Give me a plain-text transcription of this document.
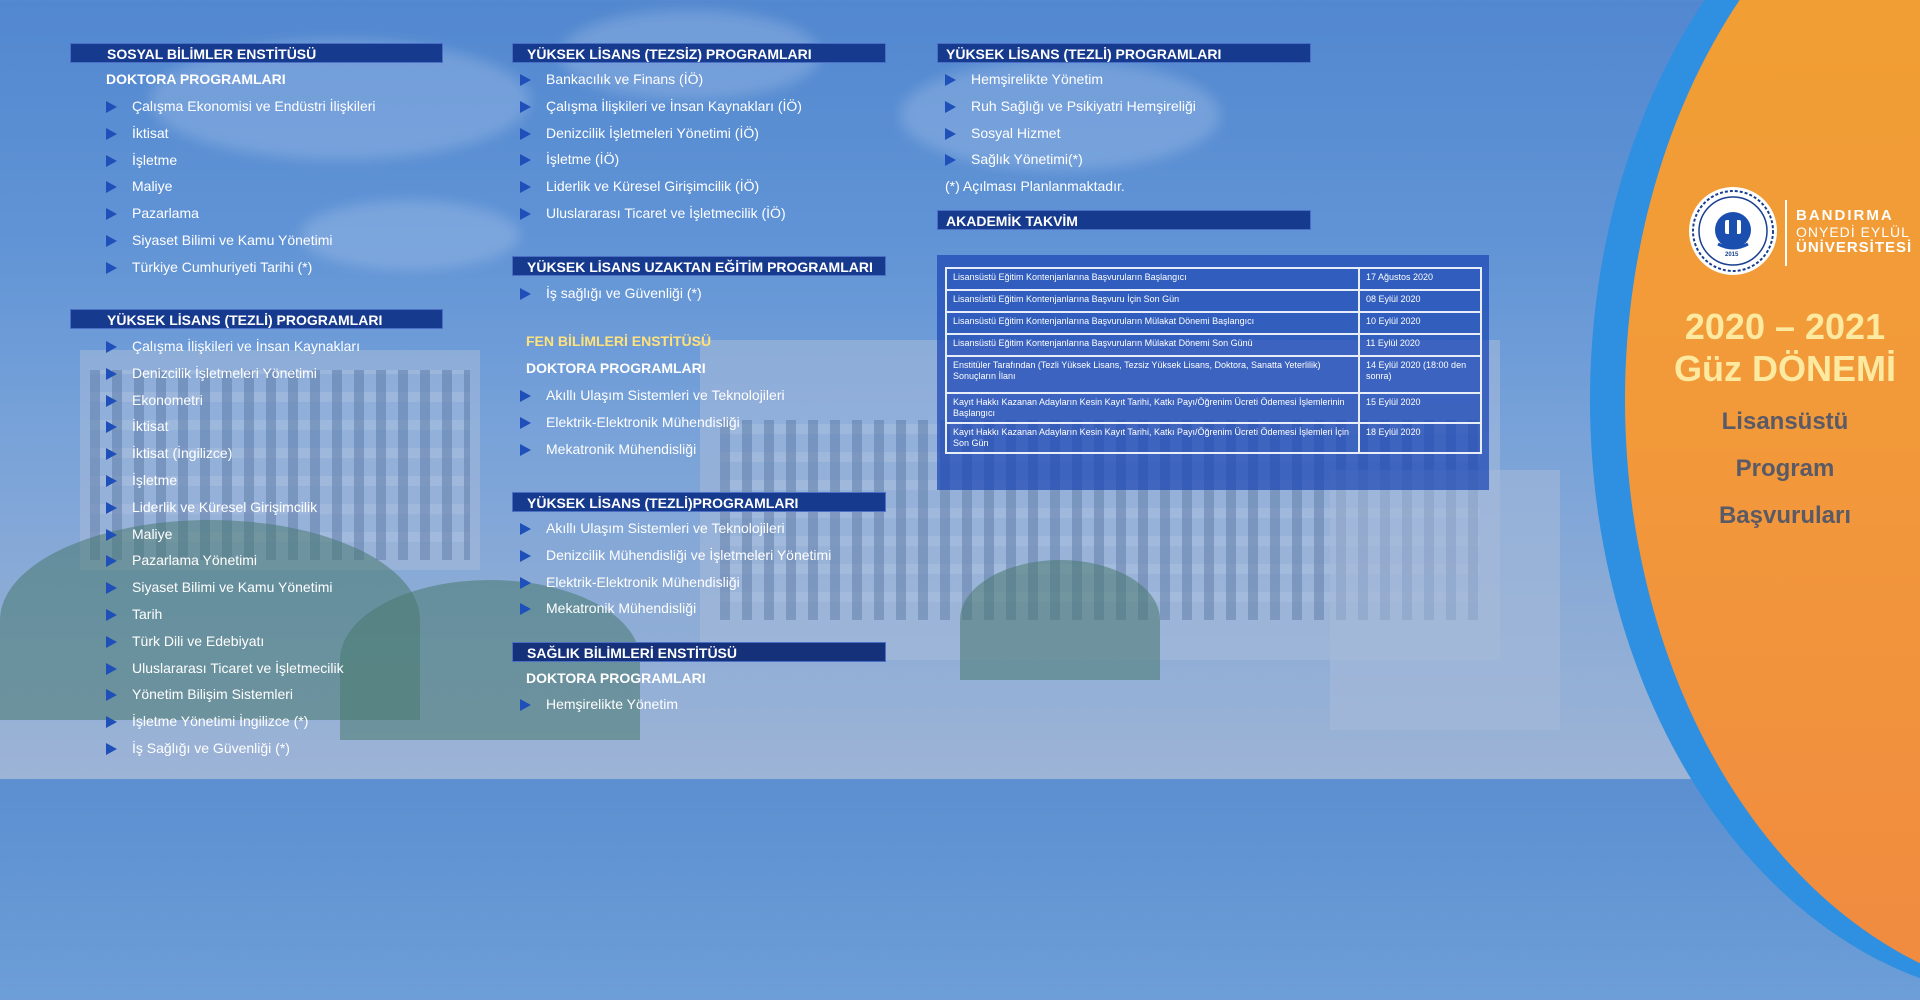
SOSYAL BİLİMLER ENSTİTÜSÜ
DOKTORA PROGRAMLARI
Çalışma Ekonomisi ve Endüstri İlişkileri
İktisat
İşletme
Maliye
Pazarlama
Siyaset Bilimi ve Kamu Yönetimi
Türkiye Cumhuriyeti Tarihi (*)
YÜKSEK LİSANS (TEZLİ) PROGRAMLARI
Çalışma İlişkileri ve İnsan Kaynakları
Denizcilik İşletmeleri Yönetimi
Ekonometri
İktisat
İktisat (İngilizce)
İşletme
Liderlik ve Küresel Girişimcilik
Maliye
Pazarlama Yönetimi
Siyaset Bilimi ve Kamu Yönetimi
Tarih
Türk Dili ve Edebiyatı
Uluslararası Ticaret ve İşletmecilik
Yönetim Bilişim Sistemleri
İşletme Yönetimi İngilizce (*)
İş Sağlığı ve Güvenliği (*)
YÜKSEK LİSANS (TEZSİZ) PROGRAMLARI
Bankacılık ve Finans (İÖ)
Çalışma İlişkileri ve İnsan Kaynakları (İÖ)
Denizcilik İşletmeleri Yönetimi (İÖ)
İşletme (İÖ)
Liderlik ve Küresel Girişimcilik (İÖ)
Uluslararası Ticaret ve İşletmecilik (İÖ)
YÜKSEK LİSANS UZAKTAN EĞİTİM PROGRAMLARI
İş sağlığı ve Güvenliği (*)
FEN BİLİMLERİ ENSTİTÜSÜ
DOKTORA PROGRAMLARI
Akıllı Ulaşım Sistemleri ve Teknolojileri
Elektrik-Elektronik Mühendisliği
Mekatronik Mühendisliği
YÜKSEK LİSANS (TEZLİ)PROGRAMLARI
Akıllı Ulaşım Sistemleri ve Teknolojileri
Denizcilik Mühendisliği ve İşletmeleri Yönetimi
Elektrik-Elektronik Mühendisliği
Mekatronik Mühendisliği
SAĞLIK BİLİMLERİ ENSTİTÜSÜ
DOKTORA PROGRAMLARI
Hemşirelikte Yönetim
YÜKSEK LİSANS (TEZLİ) PROGRAMLARI
Hemşirelikte Yönetim
Ruh Sağlığı ve Psikiyatri Hemşireliği
Sosyal Hizmet
Sağlık Yönetimi(*)
(*) Açılması Planlanmaktadır.
AKADEMİK TAKVİM
Lisansüstü Eğitim Kontenjanlarına Başvuruların Başlangıcı	17 Ağustos 2020
Lisansüstü Eğitim Kontenjanlarına Başvuru İçin Son Gün	08 Eylül 2020
Lisansüstü Eğitim Kontenjanlarına Başvuruların Mülakat Dönemi Başlangıcı	10 Eylül 2020
Lisansüstü Eğitim Kontenjanlarına Başvuruların Mülakat Dönemi Son Günü	11 Eylül 2020
Enstitüler Tarafından (Tezli Yüksek Lisans, Tezsiz Yüksek Lisans, Doktora, Sanatta Yeterlilik) Sonuçların İlanı	14 Eylül 2020 (18:00 den sonra)
Kayıt Hakkı Kazanan Adayların Kesin Kayıt Tarihi, Katkı Payı/Öğrenim Ücreti Ödemesi İşlemlerinin Başlangıcı	15 Eylül 2020
Kayıt Hakkı Kazanan Adayların Kesin Kayıt Tarihi, Katkı Payı/Öğrenim Ücreti Ödemesi İşlemleri İçin Son Gün	18 Eylül 2020
2015
BANDIRMA
ONYEDİ EYLÜL
ÜNİVERSİTESİ
2020 – 2021
Güz DÖNEMİ
Lisansüstü
Program
Başvuruları
